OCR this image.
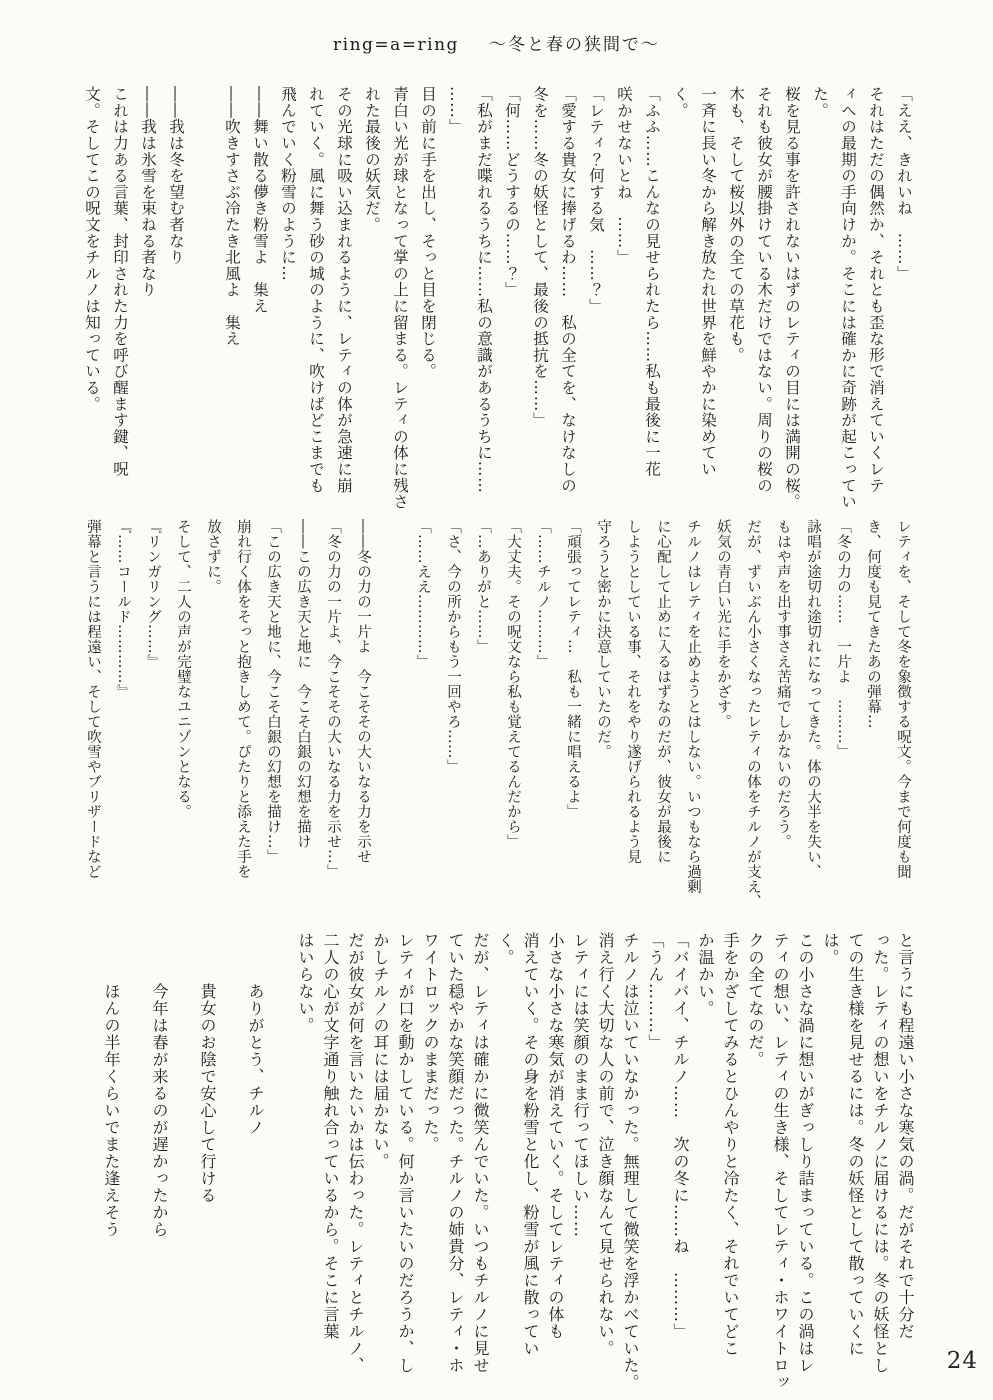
ring=a=ring ～冬と春の狭間で～

「ええ、きれいね　……」

それはただの偶然か、それとも歪な形で消えていくレテ

ィへの最期の手向けか。そこには確かに奇跡が起こってい

た。

桜を見る事を許されないはずのレティの目には満開の桜。

それも彼女が腰掛けている木だけではない。周りの桜の

木も、そして桜以外の全ての草花も。

一斉に長い冬から解き放たれ世界を鮮やかに染めてい

く。

「ふふ……こんなの見せられたら……私も最後に一花

咲かせないとね　……」

「レティ？何する気　……？」

「愛する貴女に捧げるわ……　私の全てを、なけなしの

冬を……冬の妖怪として、最後の抵抗を……」

「何……どうするの……？」

「私がまだ喋れるうちに……私の意識があるうちに……

……」

目の前に手を出し、そっと目を閉じる。

青白い光が球となって掌の上に留まる。レティの体に残さ

れた最後の妖気だ。

その光球に吸い込まれるように、レティの体が急速に崩

れていく。風に舞う砂の城のように、吹けばどこまでも

飛んでいく粉雪のように…

――舞い散る儚き粉雪よ　集え

――吹きすさぶ冷たき北風よ　集え

――我は冬を望む者なり

――我は氷雪を束ねる者なり

これは力ある言葉、封印された力を呼び醒ます鍵、呪

文。そしてこの呪文をチルノは知っている。

レティを、そして冬を象徴する呪文。今まで何度も聞

き、何度も見てきたあの弾幕…

「冬の力の……　一片よ　………」

詠唱が途切れ途切れになってきた。体の大半を失い、

もはや声を出す事さえ苦痛でしかないのだろう。

だが、ずいぶん小さくなったレティの体をチルノが支え、

妖気の青白い光に手をかざす。

チルノはレティを止めようとはしない。いつもなら過剰

に心配して止めに入るはずなのだが、彼女が最後に

しようとしている事、それをやり遂げられるよう見

守ろうと密かに決意していたのだ。

「頑張ってレティ…　私も一緒に唱えるよ」

「……チルノ………」

「大丈夫。その呪文なら私も覚えてるんだから」

「…ありがと……」

「さ、今の所からもう一回やろ……」

「……ええ…………」

――冬の力の一片よ　今こそその大いなる力を示せ

「冬の力の一片よ、今こそその大いなる力を示せ…」

――この広き天と地に　今こそ白銀の幻想を描け

「この広き天と地に、今こそ白銀の幻想を描け…」

崩れ行く体をそっと抱きしめて。ぴたりと添えた手を

放さずに。

そして、二人の声が完璧なユニゾンとなる。

『リンガリング……』

『……コールド…………』

弾幕と言うには程遠い、そして吹雪やブリザードなど

と言うにも程遠い小さな寒気の渦。だがそれで十分だ

った。レティの想いをチルノに届けるには。冬の妖怪とし

ての生き様を見せるには。冬の妖怪として散っていくに

は。

この小さな渦に想いがぎっしり詰まっている。この渦はレ

ティの想い、レティの生き様、そしてレティ・ホワイトロッ

クの全てなのだ。

手をかざしてみるとひんやりと冷たく、それでいてどこ

か温かい。

「バイバイ、チルノ……　次の冬に……ね　………」

「うん………」

チルノは泣いていなかった。無理して微笑を浮かべていた。

消え行く大切な人の前で、泣き顔なんて見せられない。

レティには笑顔のまま行ってほしい……

小さな小さな寒気が消えていく。そしてレティの体も

消えていく。その身を粉雪と化し、粉雪が風に散ってい

く。

だが、レティは確かに微笑んでいた。いつもチルノに見せ

ていた穏やかな笑顔だった。チルノの姉貴分、レティ・ホ

ワイトロックのままだった。

レティが口を動かしている。何か言いたいのだろうか、し

かしチルノの耳には届かない。

だが彼女が何を言いたいかは伝わった。レティとチルノ、

二人の心が文字通り触れ合っているから。そこに言葉

はいらない。

　　　ありがとう、チルノ

　　　貴女のお陰で安心して行ける

　　　今年は春が来るのが遅かったから

　　　ほんの半年くらいでまた逢えそう

24
